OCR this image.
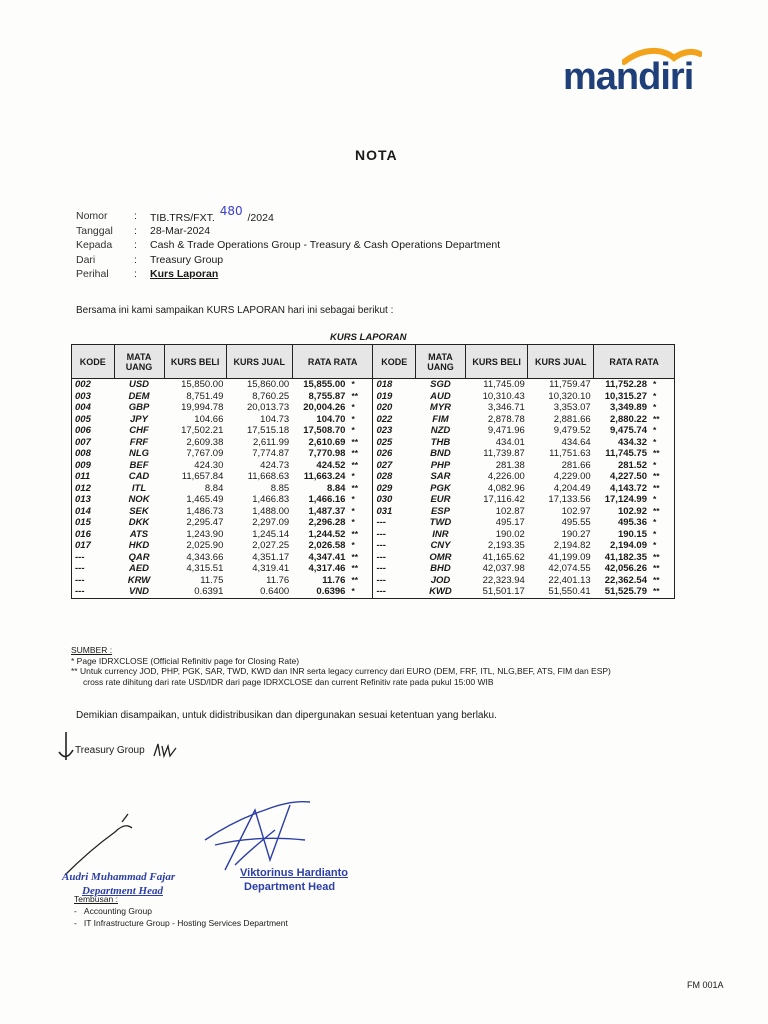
mandiri
NOTA
Nomor	:	TIB.TRS/FXT. 480 /2024
Tanggal	:	28-Mar-2024
Kepada	:	Cash & Trade Operations Group - Treasury & Cash Operations Department
Dari	:	Treasury Group
Perihal	:	Kurs Laporan
Bersama ini kami sampaikan KURS LAPORAN hari ini sebagai berikut :
KURS LAPORAN
KODE	MATA UANG	KURS BELI	KURS JUAL	RATA RATA		KODE	MATA UANG	KURS BELI	KURS JUAL	RATA RATA	
002	USD	15,850.00	15,860.00	15,855.00	*	018	SGD	11,745.09	11,759.47	11,752.28	*
003	DEM	8,751.49	8,760.25	8,755.87	**	019	AUD	10,310.43	10,320.10	10,315.27	*
004	GBP	19,994.78	20,013.73	20,004.26	*	020	MYR	3,346.71	3,353.07	3,349.89	*
005	JPY	104.66	104.73	104.70	*	022	FIM	2,878.78	2,881.66	2,880.22	**
006	CHF	17,502.21	17,515.18	17,508.70	*	023	NZD	9,471.96	9,479.52	9,475.74	*
007	FRF	2,609.38	2,611.99	2,610.69	**	025	THB	434.01	434.64	434.32	*
008	NLG	7,767.09	7,774.87	7,770.98	**	026	BND	11,739.87	11,751.63	11,745.75	**
009	BEF	424.30	424.73	424.52	**	027	PHP	281.38	281.66	281.52	*
011	CAD	11,657.84	11,668.63	11,663.24	*	028	SAR	4,226.00	4,229.00	4,227.50	**
012	ITL	8.84	8.85	8.84	**	029	PGK	4,082.96	4,204.49	4,143.72	**
013	NOK	1,465.49	1,466.83	1,466.16	*	030	EUR	17,116.42	17,133.56	17,124.99	*
014	SEK	1,486.73	1,488.00	1,487.37	*	031	ESP	102.87	102.97	102.92	**
015	DKK	2,295.47	2,297.09	2,296.28	*	---	TWD	495.17	495.55	495.36	*
016	ATS	1,243.90	1,245.14	1,244.52	**	---	INR	190.02	190.27	190.15	*
017	HKD	2,025.90	2,027.25	2,026.58	*	---	CNY	2,193.35	2,194.82	2,194.09	*
---	QAR	4,343.66	4,351.17	4,347.41	**	---	OMR	41,165.62	41,199.09	41,182.35	**
---	AED	4,315.51	4,319.41	4,317.46	**	---	BHD	42,037.98	42,074.55	42,056.26	**
---	KRW	11.75	11.76	11.76	**	---	JOD	22,323.94	22,401.13	22,362.54	**
---	VND	0.6391	0.6400	0.6396	*	---	KWD	51,501.17	51,550.41	51,525.79	**
SUMBER :
* Page IDRXCLOSE (Official Refinitiv page for Closing Rate)
** Untuk currency JOD, PHP, PGK, SAR, TWD, KWD dan INR serta legacy currency dari EURO (DEM, FRF, ITL, NLG,BEF, ATS, FIM dan ESP)
cross rate dihitung dari rate USD/IDR dari page IDRXCLOSE dan current Refinitiv rate pada pukul 15:00 WIB
Demikian disampaikan, untuk didistribusikan dan dipergunakan sesuai ketentuan yang berlaku.
Treasury Group
Audri Muhammad Fajar
Department Head
Viktorinus Hardianto
Department Head
Tembusan :
-   Accounting Group
-   IT Infrastructure Group - Hosting Services Department
FM 001A
